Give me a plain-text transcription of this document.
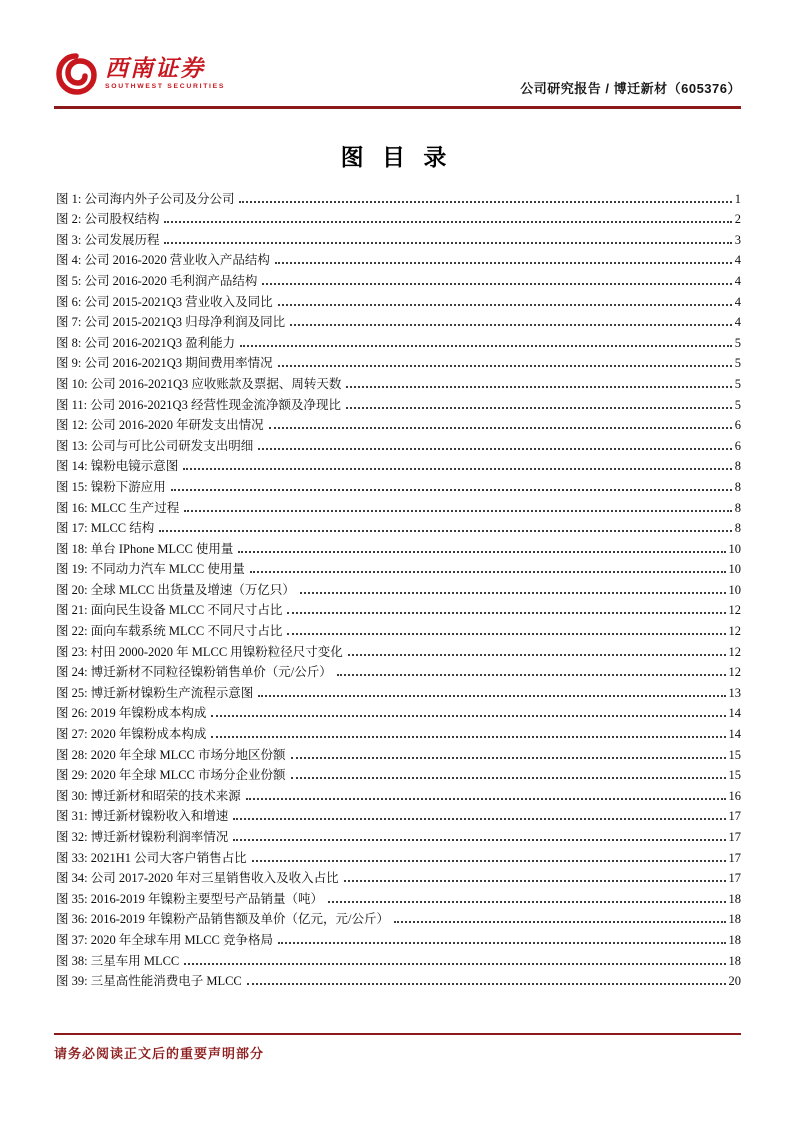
西南证券
SOUTHWEST SECURITIES	公司研究报告 / 博迁新材（605376）
图 目 录
图 1: 公司海内外子公司及分公司	1
图 2: 公司股权结构	2
图 3: 公司发展历程	3
图 4: 公司 2016-2020 营业收入产品结构	4
图 5: 公司 2016-2020 毛利润产品结构	4
图 6: 公司 2015-2021Q3 营业收入及同比	4
图 7: 公司 2015-2021Q3 归母净利润及同比	4
图 8: 公司 2016-2021Q3 盈利能力	5
图 9: 公司 2016-2021Q3 期间费用率情况	5
图 10: 公司 2016-2021Q3 应收账款及票据、周转天数	5
图 11: 公司 2016-2021Q3 经营性现金流净额及净现比	5
图 12: 公司 2016-2020 年研发支出情况	6
图 13: 公司与可比公司研发支出明细	6
图 14: 镍粉电镜示意图	8
图 15: 镍粉下游应用	8
图 16: MLCC 生产过程	8
图 17: MLCC 结构	8
图 18: 单台 IPhone MLCC 使用量	10
图 19: 不同动力汽车 MLCC 使用量	10
图 20: 全球 MLCC 出货量及增速（万亿只）	10
图 21: 面向民生设备 MLCC 不同尺寸占比	12
图 22: 面向车载系统 MLCC 不同尺寸占比	12
图 23: 村田 2000-2020 年 MLCC 用镍粉粒径尺寸变化	12
图 24: 博迁新材不同粒径镍粉销售单价（元/公斤）	12
图 25: 博迁新材镍粉生产流程示意图	13
图 26: 2019 年镍粉成本构成	14
图 27: 2020 年镍粉成本构成	14
图 28: 2020 年全球 MLCC 市场分地区份额	15
图 29: 2020 年全球 MLCC 市场分企业份额	15
图 30: 博迁新材和昭荣的技术来源	16
图 31: 博迁新材镍粉收入和增速	17
图 32: 博迁新材镍粉利润率情况	17
图 33: 2021H1 公司大客户销售占比	17
图 34: 公司 2017-2020 年对三星销售收入及收入占比	17
图 35: 2016-2019 年镍粉主要型号产品销量（吨）	18
图 36: 2016-2019 年镍粉产品销售额及单价（亿元，元/公斤）	18
图 37: 2020 年全球车用 MLCC 竞争格局	18
图 38: 三星车用 MLCC	18
图 39: 三星高性能消费电子 MLCC	20
请务必阅读正文后的重要声明部分
